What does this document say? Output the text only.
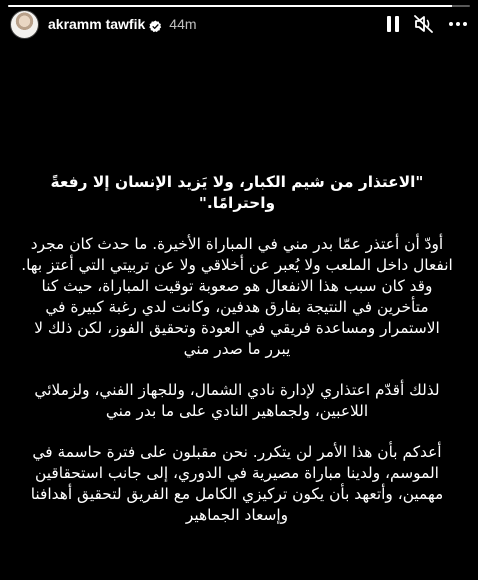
akramm tawfik 44m

"الاعتذار من شيم الكبار، ولا يَزيد الإنسان إلا رفعةً واحترامًا."

أودّ أن أعتذر عمّا بدر مني في المباراة الأخيرة. ما حدث كان مجرد انفعال داخل الملعب ولا يُعبر عن أخلاقي ولا عن تربيتي التي أعتز بها. وقد كان سبب هذا الانفعال هو صعوبة توقيت المباراة، حيث كنا متأخرين في النتيجة بفارق هدفين، وكانت لدي رغبة كبيرة في الاستمرار ومساعدة فريقي في العودة وتحقيق الفوز، لكن ذلك لا يبرر ما صدر مني

لذلك أقدّم اعتذاري لإدارة نادي الشمال، وللجهاز الفني، ولزملائي اللاعبين، ولجماهير النادي على ما بدر مني

أعدكم بأن هذا الأمر لن يتكرر. نحن مقبلون على فترة حاسمة في الموسم، ولدينا مباراة مصيرية في الدوري، إلى جانب استحقاقين مهمين، وأتعهد بأن يكون تركيزي الكامل مع الفريق لتحقيق أهدافنا وإسعاد الجماهير
